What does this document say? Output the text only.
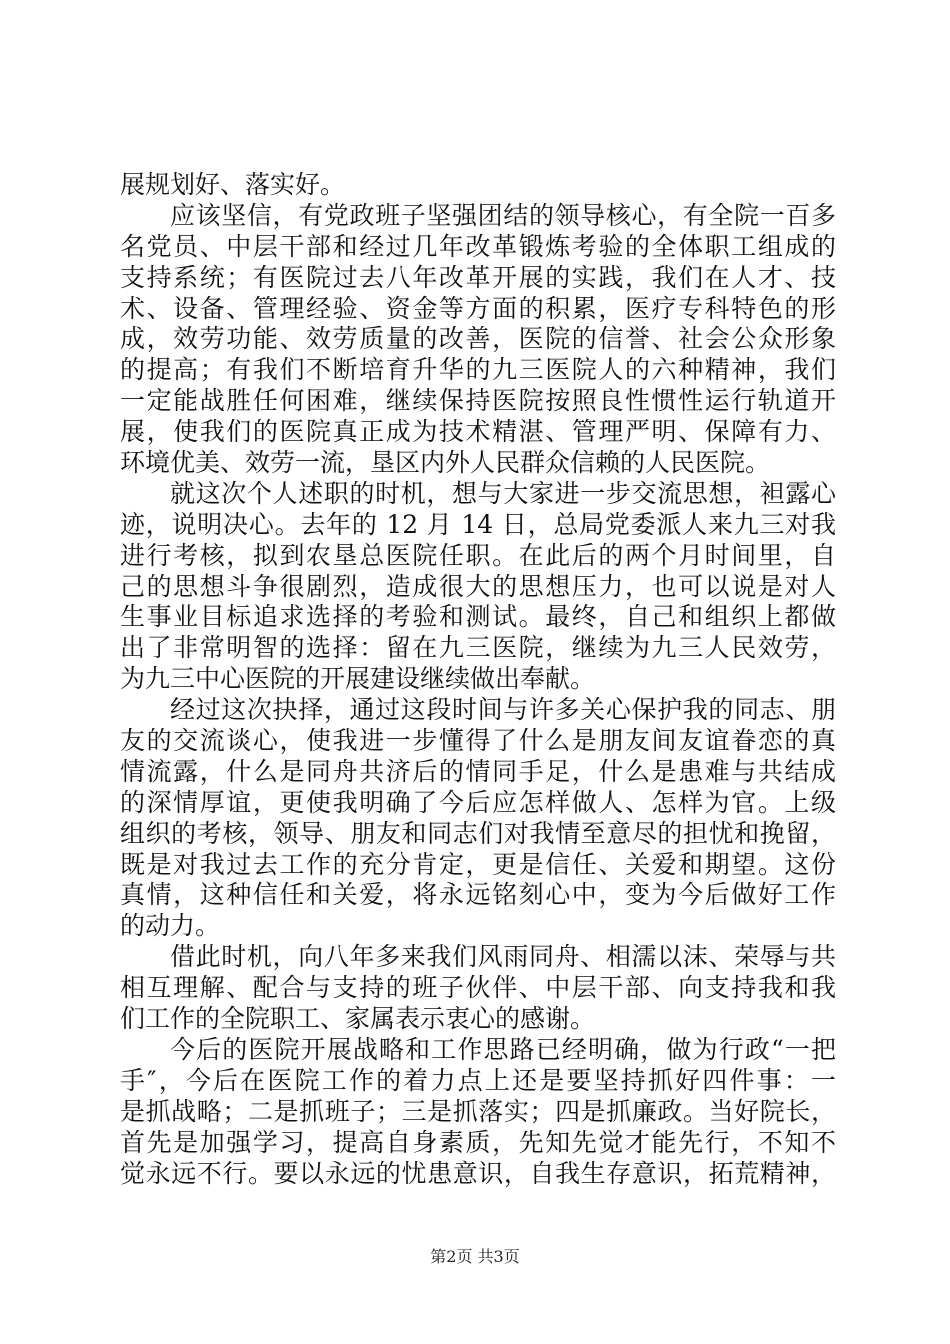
展规划好、落实好。
应该坚信，有党政班子坚强团结的领导核心，有全院一百多
名党员、中层干部和经过几年改革锻炼考验的全体职工组成的
支持系统；有医院过去八年改革开展的实践，我们在人才、技
术、设备、管理经验、资金等方面的积累，医疗专科特色的形
成，效劳功能、效劳质量的改善，医院的信誉、社会公众形象
的提高；有我们不断培育升华的九三医院人的六种精神，我们
一定能战胜任何困难，继续保持医院按照良性惯性运行轨道开
展，使我们的医院真正成为技术精湛、管理严明、保障有力、
环境优美、效劳一流，垦区内外人民群众信赖的人民医院。
就这次个人述职的时机，想与大家进一步交流思想，袒露心
迹，说明决心。去年的 12 月 14 日，总局党委派人来九三对我
进行考核，拟到农垦总医院任职。在此后的两个月时间里，自
己的思想斗争很剧烈，造成很大的思想压力，也可以说是对人
生事业目标追求选择的考验和测试。最终，自己和组织上都做
出了非常明智的选择：留在九三医院，继续为九三人民效劳，
为九三中心医院的开展建设继续做出奉献。
经过这次抉择，通过这段时间与许多关心保护我的同志、朋
友的交流谈心，使我进一步懂得了什么是朋友间友谊眷恋的真
情流露，什么是同舟共济后的情同手足，什么是患难与共结成
的深情厚谊，更使我明确了今后应怎样做人、怎样为官。上级
组织的考核，领导、朋友和同志们对我情至意尽的担忧和挽留，
既是对我过去工作的充分肯定，更是信任、关爱和期望。这份
真情，这种信任和关爱，将永远铭刻心中，变为今后做好工作
的动力。
借此时机，向八年多来我们风雨同舟、相濡以沫、荣辱与共
相互理解、配合与支持的班子伙伴、中层干部、向支持我和我
们工作的全院职工、家属表示衷心的感谢。
今后的医院开展战略和工作思路已经明确，做为行政“一把
手″，今后在医院工作的着力点上还是要坚持抓好四件事：一
是抓战略；二是抓班子；三是抓落实；四是抓廉政。当好院长，
首先是加强学习，提高自身素质，先知先觉才能先行，不知不
觉永远不行。要以永远的忧患意识，自我生存意识，拓荒精神，
第2页 共3页
